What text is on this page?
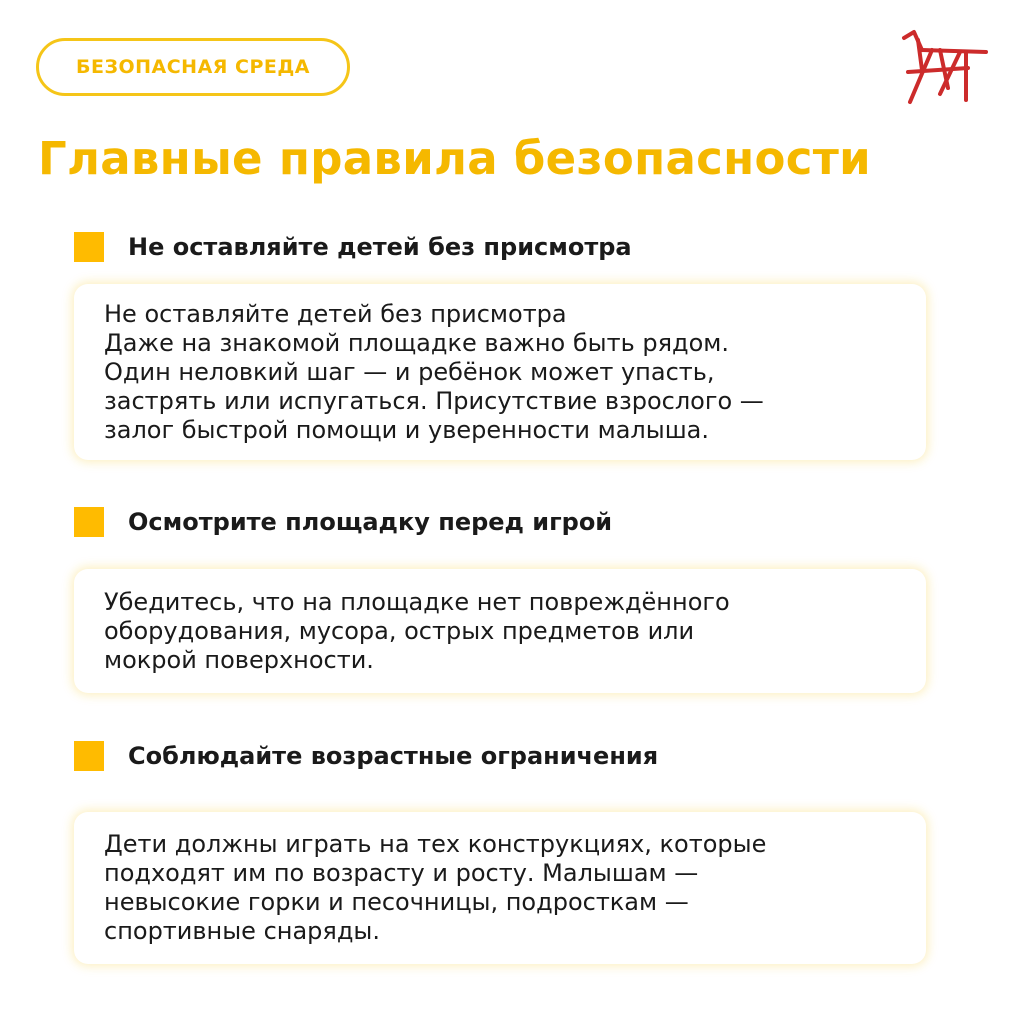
БЕЗОПАСНАЯ СРЕДА
Главные правила безопасности
Не оставляйте детей без присмотра

Не оставляйте детей без присмотра
Даже на знакомой площадке важно быть рядом.
Один неловкий шаг — и ребёнок может упасть,
застрять или испугаться. Присутствие взрослого —
залог быстрой помощи и уверенности малыша.

Осмотрите площадку перед игрой

Убедитесь, что на площадке нет повреждённого
оборудования, мусора, острых предметов или
мокрой поверхности.

Соблюдайте возрастные ограничения

Дети должны играть на тех конструкциях, которые
подходят им по возрасту и росту. Малышам —
невысокие горки и песочницы, подросткам —
спортивные снаряды.
